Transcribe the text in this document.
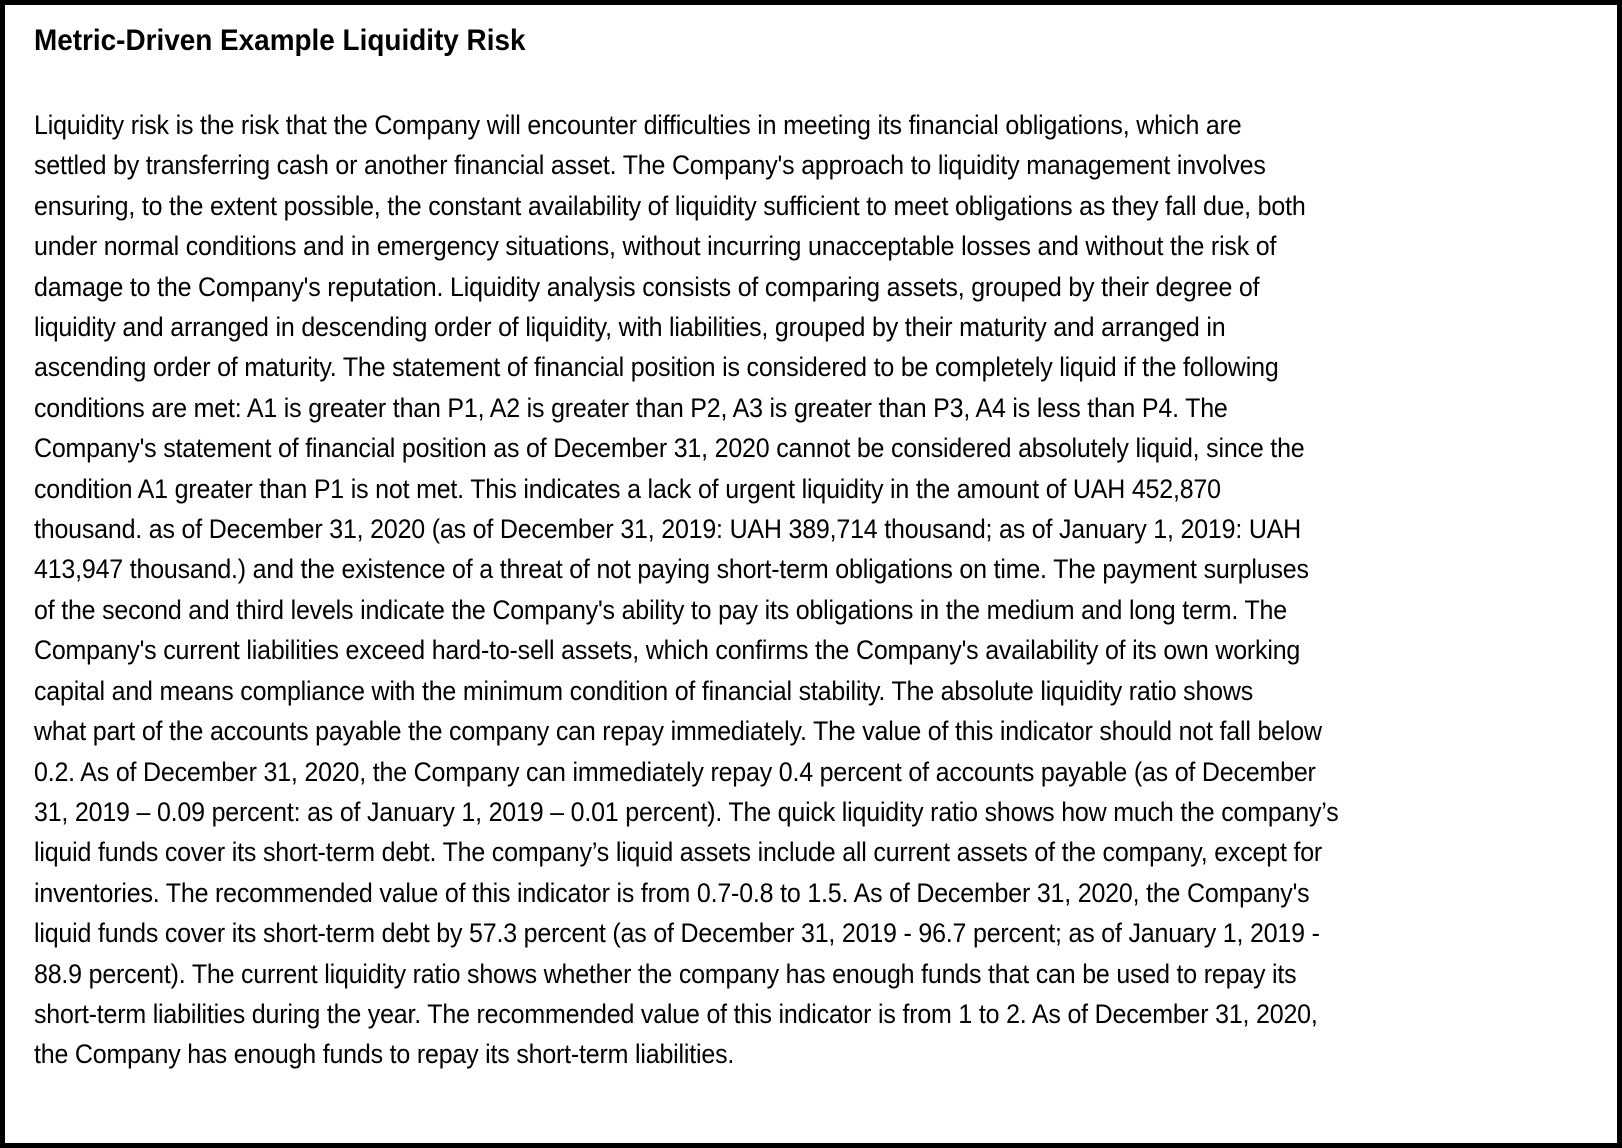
Metric-Driven Example Liquidity Risk
Liquidity risk is the risk that the Company will encounter difficulties in meeting its financial obligations, which are
settled by transferring cash or another financial asset. The Company's approach to liquidity management involves
ensuring, to the extent possible, the constant availability of liquidity sufficient to meet obligations as they fall due, both
under normal conditions and in emergency situations, without incurring unacceptable losses and without the risk of
damage to the Company's reputation. Liquidity analysis consists of comparing assets, grouped by their degree of
liquidity and arranged in descending order of liquidity, with liabilities, grouped by their maturity and arranged in
ascending order of maturity. The statement of financial position is considered to be completely liquid if the following
conditions are met: A1 is greater than P1, A2 is greater than P2, A3 is greater than P3, A4 is less than P4. The
Company's statement of financial position as of December 31, 2020 cannot be considered absolutely liquid, since the
condition A1 greater than P1 is not met. This indicates a lack of urgent liquidity in the amount of UAH 452,870
thousand. as of December 31, 2020 (as of December 31, 2019: UAH 389,714 thousand; as of January 1, 2019: UAH
413,947 thousand.) and the existence of a threat of not paying short-term obligations on time. The payment surpluses
of the second and third levels indicate the Company's ability to pay its obligations in the medium and long term. The
Company's current liabilities exceed hard-to-sell assets, which confirms the Company's availability of its own working
capital and means compliance with the minimum condition of financial stability. The absolute liquidity ratio shows
what part of the accounts payable the company can repay immediately. The value of this indicator should not fall below
0.2. As of December 31, 2020, the Company can immediately repay 0.4 percent of accounts payable (as of December
31, 2019 – 0.09 percent: as of January 1, 2019 – 0.01 percent). The quick liquidity ratio shows how much the company’s
liquid funds cover its short-term debt. The company’s liquid assets include all current assets of the company, except for
inventories. The recommended value of this indicator is from 0.7-0.8 to 1.5. As of December 31, 2020, the Company's
liquid funds cover its short-term debt by 57.3 percent (as of December 31, 2019 - 96.7 percent; as of January 1, 2019 -
88.9 percent). The current liquidity ratio shows whether the company has enough funds that can be used to repay its
short-term liabilities during the year. The recommended value of this indicator is from 1 to 2. As of December 31, 2020,
the Company has enough funds to repay its short-term liabilities.
